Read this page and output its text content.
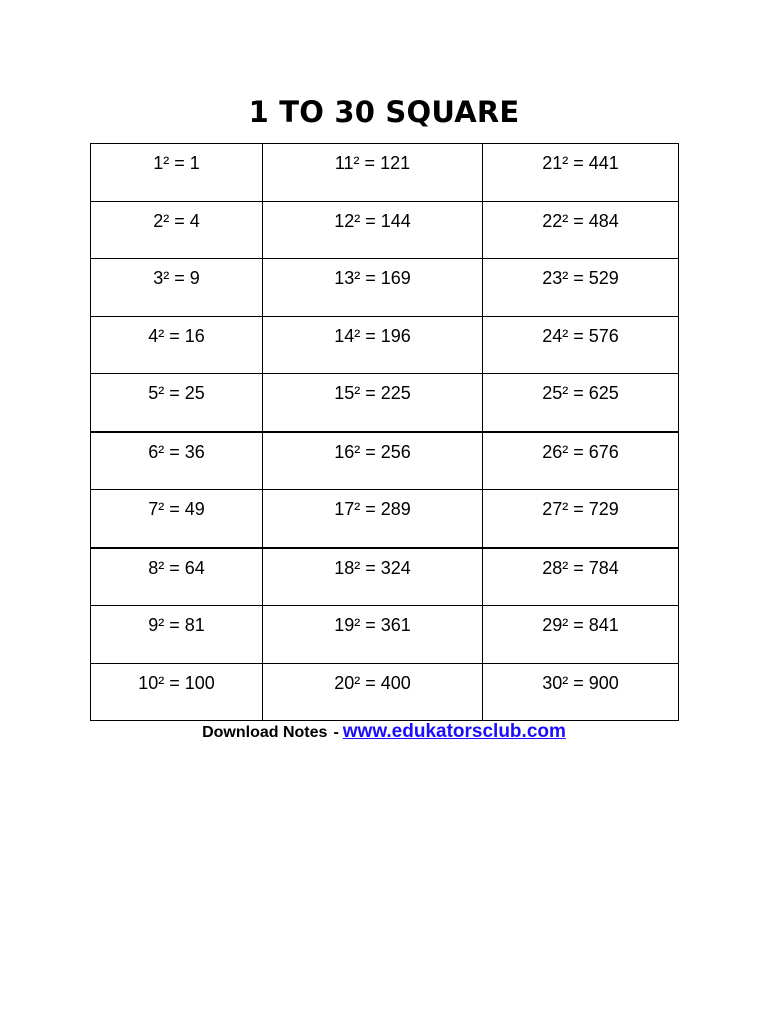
1 TO 30 SQUARE
1² = 1	11² = 121	21² = 441

2² = 4	12² = 144	22² = 484

3² = 9	13² = 169	23² = 529

4² = 16	14² = 196	24² = 576

5² = 25	15² = 225	25² = 625

6² = 36	16² = 256	26² = 676

7² = 49	17² = 289	27² = 729

8² = 64	18² = 324	28² = 784

9² = 81	19² = 361	29² = 841

10² = 100	20² = 400	30² = 900
Download Notes - www.edukatorsclub.com
